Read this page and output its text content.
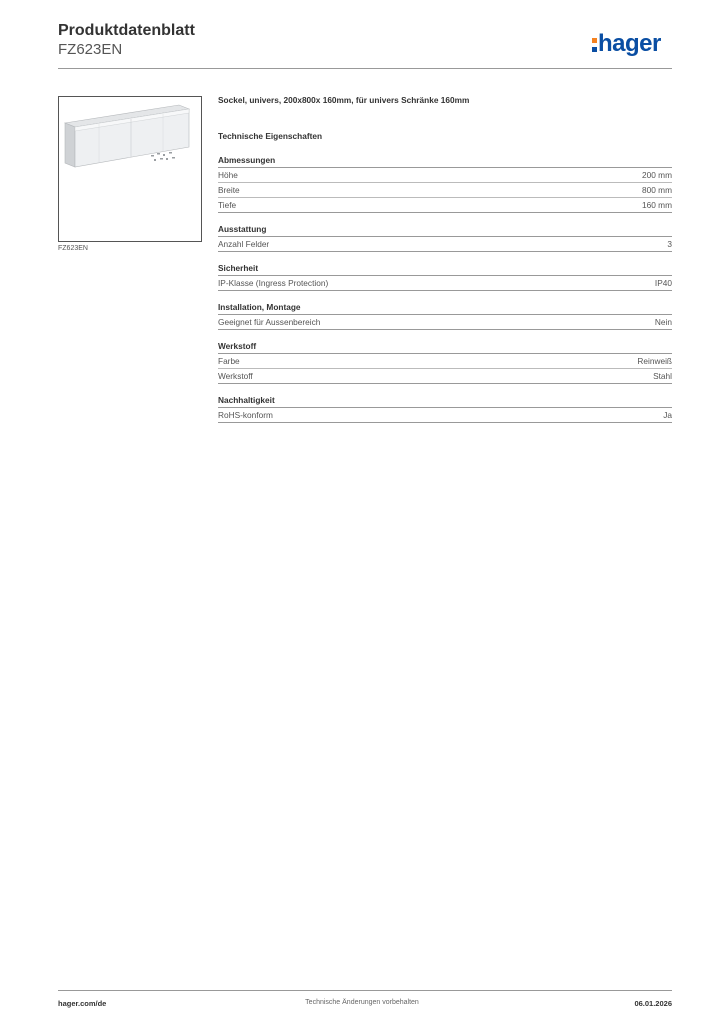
Produktdatenblatt
FZ623EN	hager
FZ623EN
Sockel, univers, 200x800x 160mm, für univers Schränke 160mm
Technische Eigenschaften
Abmessungen
Höhe	200 mm
Breite	800 mm
Tiefe	160 mm
Ausstattung
Anzahl Felder	3
Sicherheit
IP-Klasse (Ingress Protection)	IP40
Installation, Montage
Geeignet für Aussenbereich	Nein
Werkstoff
Farbe	Reinweiß
Werkstoff	Stahl
Nachhaltigkeit
RoHS-konform	Ja
hager.com/de	Technische Änderungen vorbehalten	06.01.2026
